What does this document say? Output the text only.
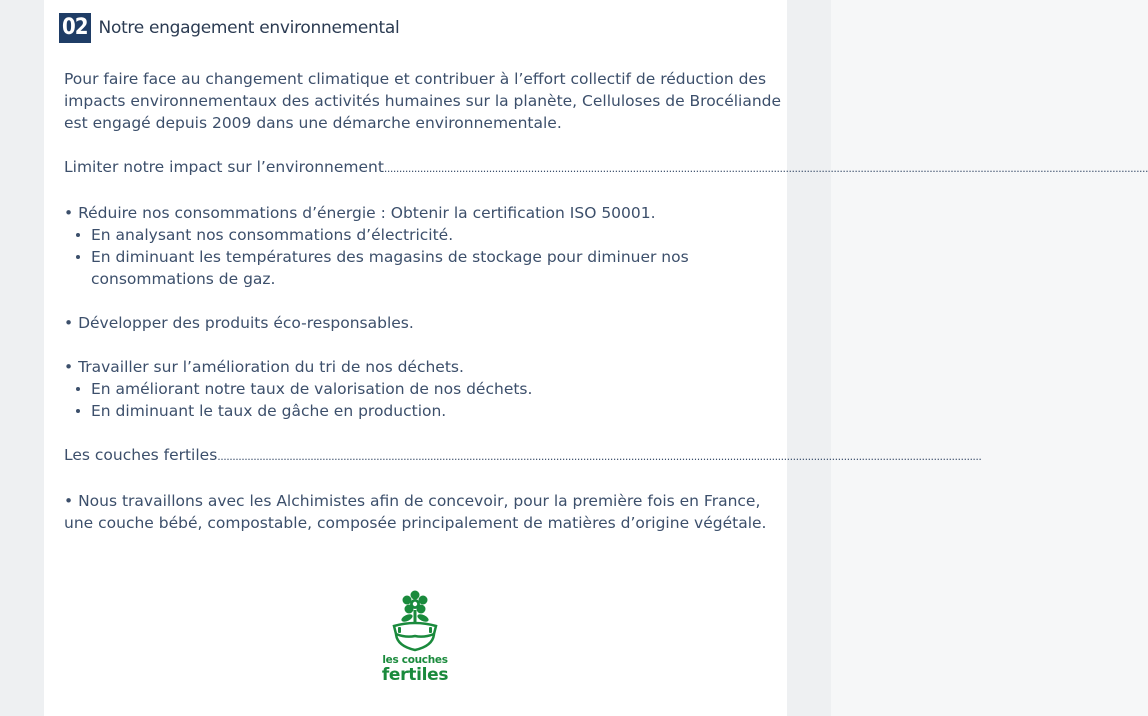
02 Notre engagement environnemental

Pour faire face au changement climatique et contribuer à l’effort collectif de réduction des impacts environnementaux des activités humaines sur la planète, Celluloses de Brocéliande est engagé depuis 2009 dans une démarche environnementale.

Limiter notre impact sur l’environnement ...............................................................................................................................................................................................................................................................

• Réduire nos consommations d’énergie : Obtenir la certification ISO 50001.

En analysant nos consommations d’électricité.
En diminuant les températures des magasins de stockage pour diminuer nos consommations de gaz.

• Développer des produits éco-responsables.

• Travailler sur l’amélioration du tri de nos déchets.

En améliorant notre taux de valorisation de nos déchets.
En diminuant le taux de gâche en production.
Les couches fertiles ...............................................................................................................................................................................................................................................................

• Nous travaillons avec les Alchimistes afin de concevoir, pour la première fois en France, une couche bébé, compostable, composée principalement de matières d’origine végétale.

les couches
fertiles
